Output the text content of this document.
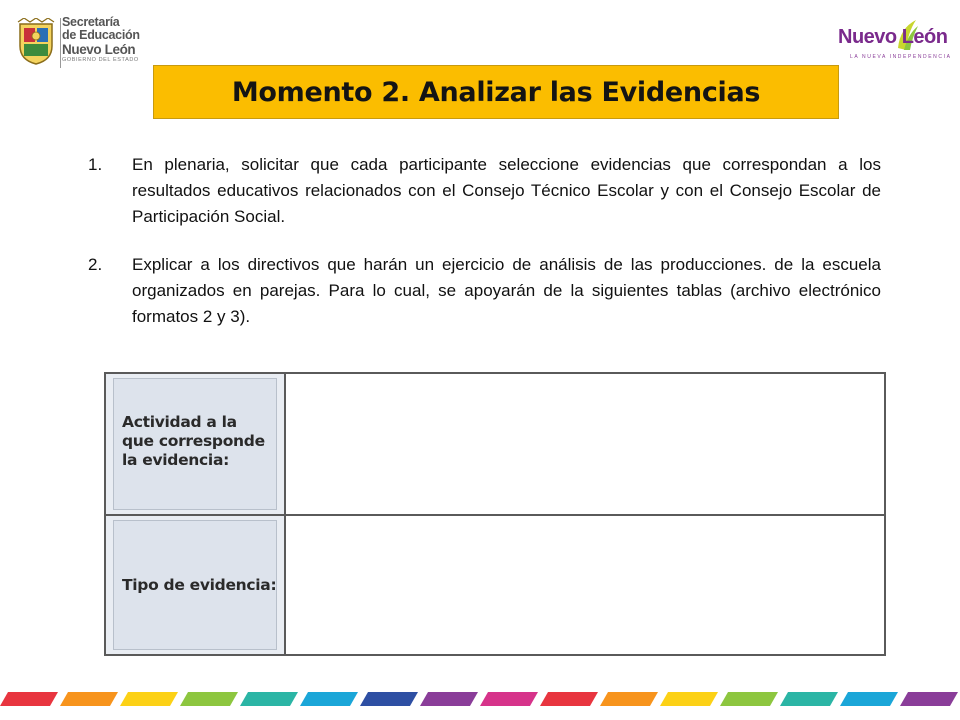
Secretaría
de Educación
Nuevo León
GOBIERNO DEL ESTADO
Nuevo León
LA NUEVA INDEPENDENCIA
Momento 2. Analizar las Evidencias
1.	En plenaria, solicitar que cada participante seleccione evidencias que correspondan a los resultados educativos relacionados con el Consejo Técnico Escolar y con el Consejo Escolar de Participación Social.
2.	Explicar a los directivos que harán un ejercicio de análisis de las producciones. de la escuela organizados en parejas. Para lo cual, se apoyarán de la siguientes tablas (archivo electrónico formatos 2 y 3).
Actividad a la que corresponde la evidencia:
Tipo de evidencia:
